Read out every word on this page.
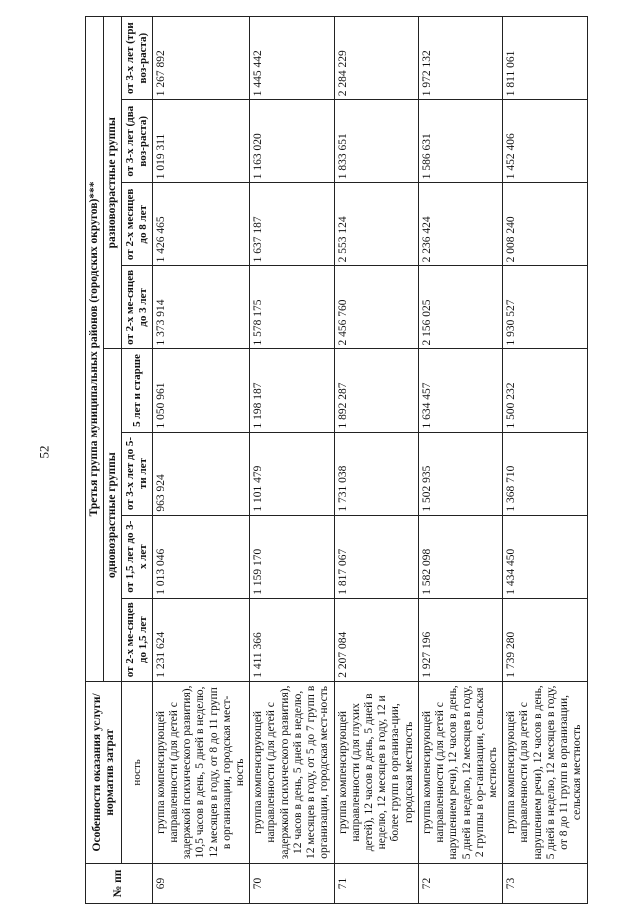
52
№ пп	Особенности оказания услуги/норматив затрат	Третья группа муниципальных районов (городских округов)***							
		одновозрастные группы				разновозрастные группы			
	ность	от 2-х ме-сяцев до 1,5 лет	от 1,5 лет до 3-х лет	от 3-х лет до 5-ти лет	5 лет и старше	от 2-х ме-сяцев до 3 лет	от 2-х месяцев до 8 лет	от 3-х лет (два воз-раста)	от 3-х лет (три воз-раста)
69	группа компенсирующей направленности (для детей с задержкой психического развития), 10,5 часов в день, 5 дней в неделю, 12 месяцев в году, от 8 до 11 групп в организации, городская мест-ность	1 231 624	1 013 046	963 924	1 050 961	1 373 914	1 426 465	1 019 311	1 267 892
70	группа компенсирующей направленности (для детей с задержкой психического развития), 12 часов в день, 5 дней в неделю, 12 месяцев в году, от 5 до 7 групп в организации, городская мест-ность	1 411 366	1 159 170	1 101 479	1 198 187	1 578 175	1 637 187	1 163 020	1 445 442
71	группа компенсирующей направленности (для глухих детей), 12 часов в день, 5 дней в неделю, 12 месяцев в году, 12 и более групп в организа-ции, городская местность	2 207 084	1 817 067	1 731 038	1 892 287	2 456 760	2 553 124	1 833 651	2 284 229
72	группа компенсирующей направленности (для детей с нарушением речи), 12 часов в день, 5 дней в неделю, 12 месяцев в году, 2 группы в ор-ганизации, сельская местность	1 927 196	1 582 098	1 502 935	1 634 457	2 156 025	2 236 424	1 586 631	1 972 132
73	группа компенсирующей направленности (для детей с нарушением речи), 12 часов в день, 5 дней в неделю, 12 месяцев в году, от 8 до 11 групп в организации, сельская местность	1 739 280	1 434 450	1 368 710	1 500 232	1 930 527	2 008 240	1 452 406	1 811 061
